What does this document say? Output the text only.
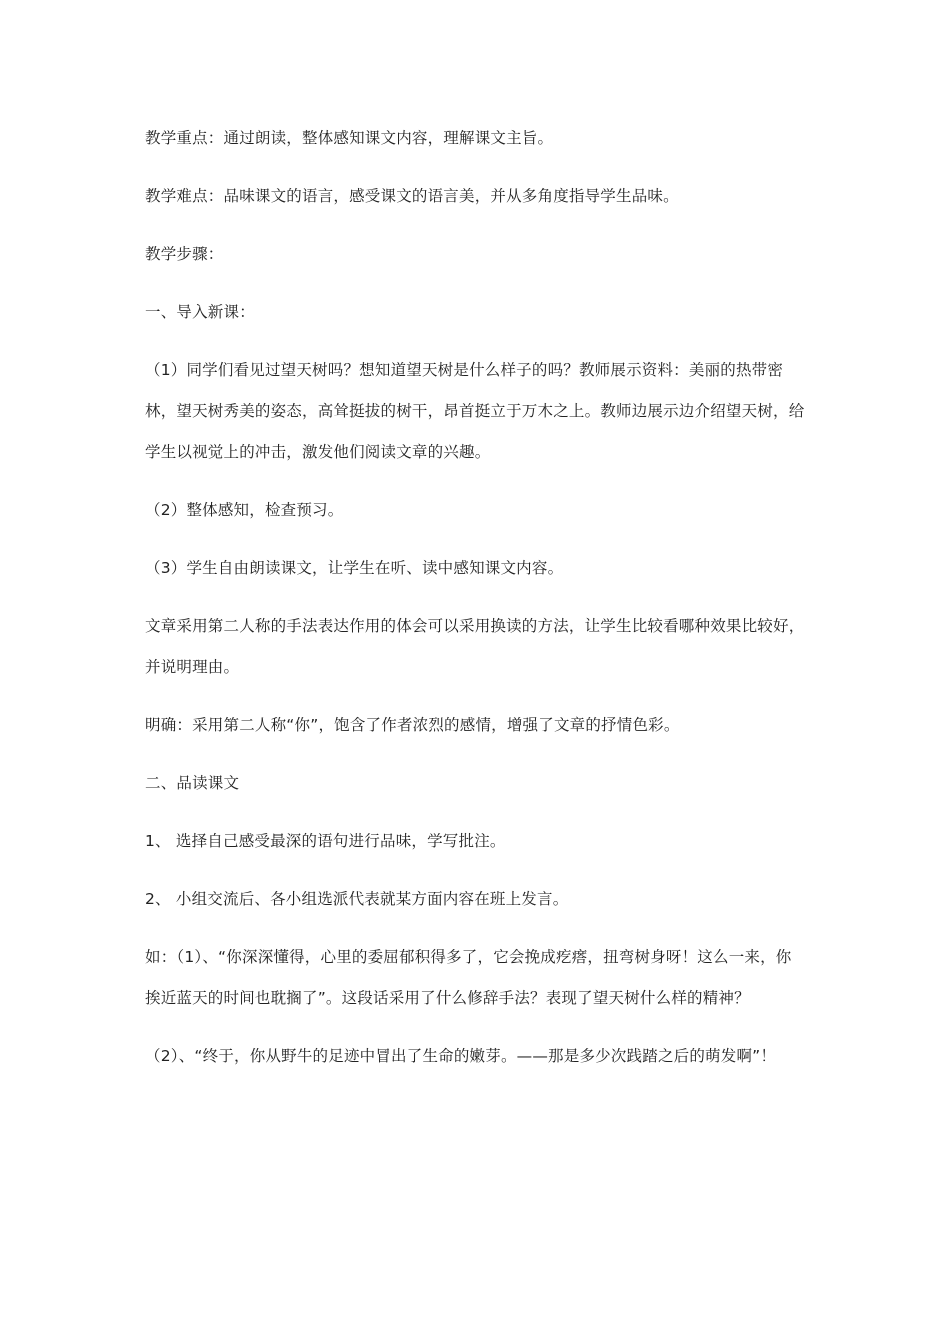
教学重点：通过朗读，整体感知课文内容，理解课文主旨。

教学难点：品味课文的语言，感受课文的语言美，并从多角度指导学生品味。

教学步骤：

一、导入新课：

（1）同学们看见过望天树吗？想知道望天树是什么样子的吗？教师展示资料：美丽的热带密林，望天树秀美的姿态，高耸挺拔的树干，昂首挺立于万木之上。教师边展示边介绍望天树，给学生以视觉上的冲击，激发他们阅读文章的兴趣。

（2）整体感知，检查预习。

（3）学生自由朗读课文，让学生在听、读中感知课文内容。

文章采用第二人称的手法表达作用的体会可以采用换读的方法，让学生比较看哪种效果比较好，并说明理由。

明确：采用第二人称“你”，饱含了作者浓烈的感情，增强了文章的抒情色彩。

二、品读课文

1、 选择自己感受最深的语句进行品味，学写批注。

2、 小组交流后、各小组选派代表就某方面内容在班上发言。

如：（1）、“你深深懂得，心里的委屈郁积得多了，它会挽成疙瘩，扭弯树身呀！这么一来，你挨近蓝天的时间也耽搁了”。这段话采用了什么修辞手法？表现了望天树什么样的精神？

（2）、“终于，你从野牛的足迹中冒出了生命的嫩芽。——那是多少次践踏之后的萌发啊”！
